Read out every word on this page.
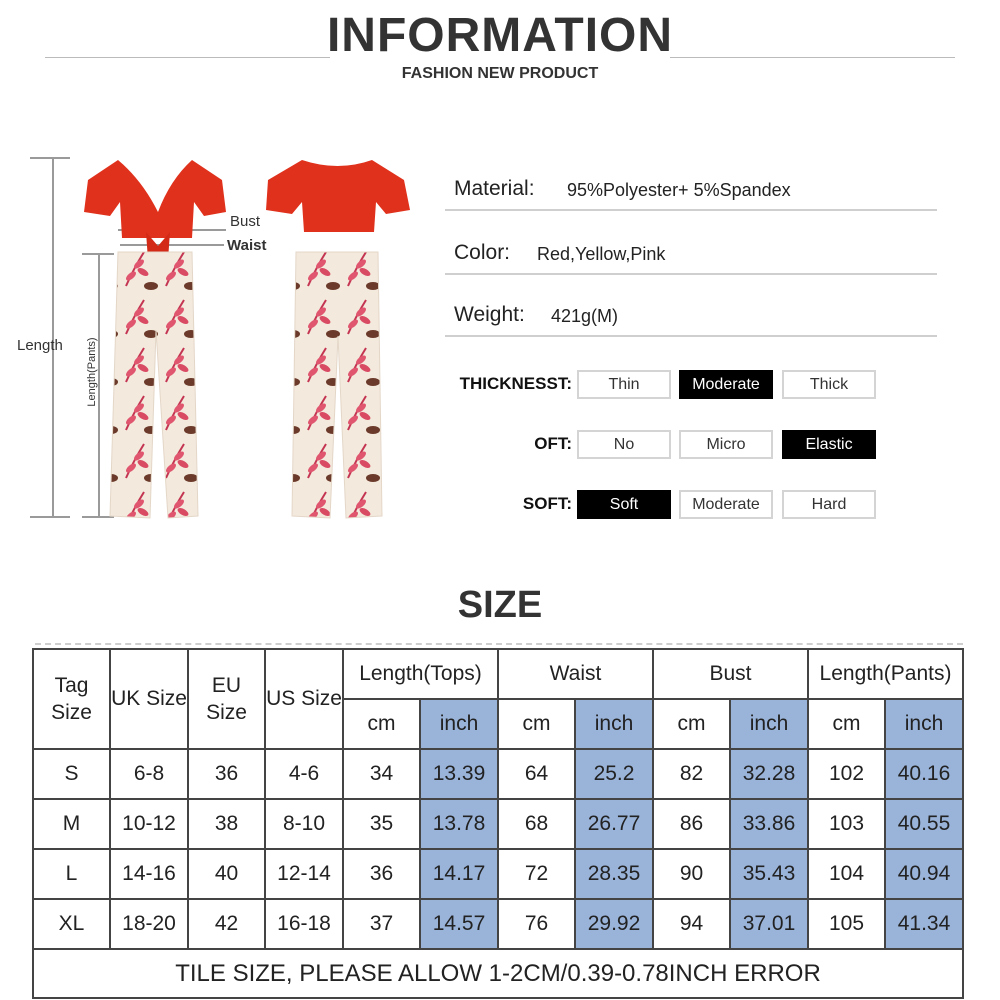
INFORMATION
FASHION NEW PRODUCT
Length Length(Pants)
Bust
Waist
Material: 95%Polyester+ 5%Spandex
Color: Red,Yellow,Pink
Weight: 421g(M)
THICKNESST:	Thin	Moderate	Thick
OFT:	No	Micro	Elastic
SOFT:	Soft	Moderate	Hard
SIZE
Tag Size	UK Size	EU Size	US Size	Length(Tops)		Waist		Bust		Length(Pants)	
				cm	inch	cm	inch	cm	inch	cm	inch
S	6-8	36	4-6	34	13.39	64	25.2	82	32.28	102	40.16
M	10-12	38	8-10	35	13.78	68	26.77	86	33.86	103	40.55
L	14-16	40	12-14	36	14.17	72	28.35	90	35.43	104	40.94
XL	18-20	42	16-18	37	14.57	76	29.92	94	37.01	105	41.34
TILE SIZE, PLEASE ALLOW 1-2CM/0.39-0.78INCH ERROR											
